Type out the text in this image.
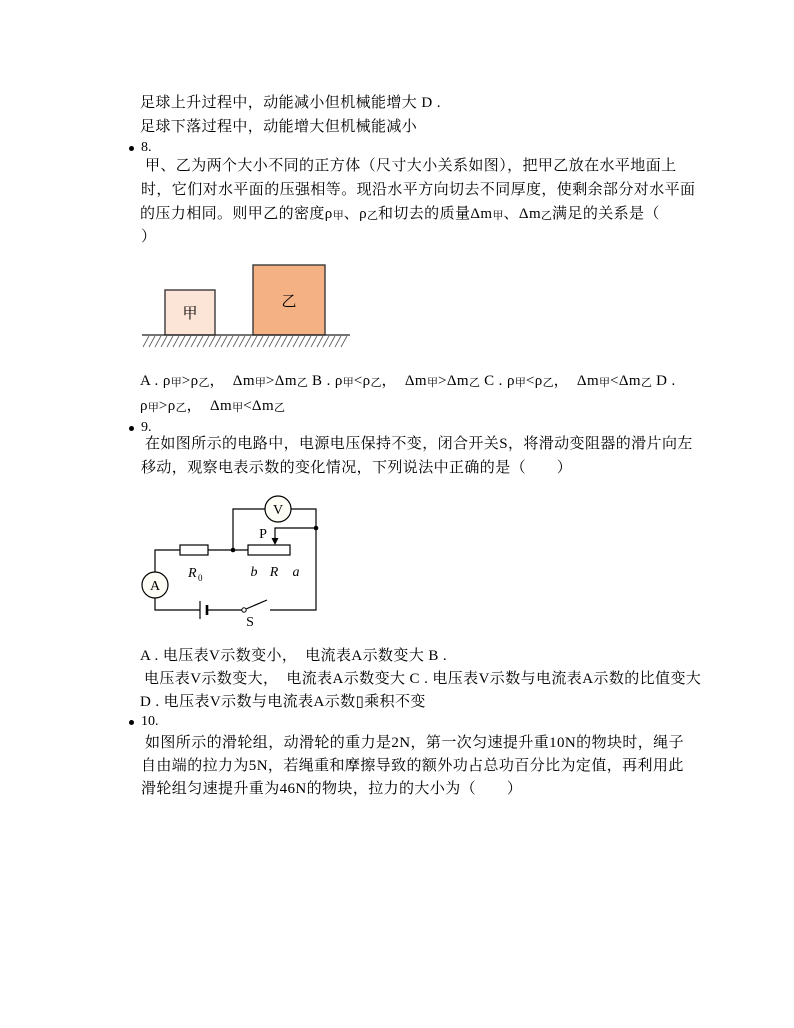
足球上升过程中，动能减小但机械能增大 D .
足球下落过程中，动能增大但机械能减小
8.
甲、乙为两个大小不同的正方体（尺寸大小关系如图），把甲乙放在水平地面上
时，它们对水平面的压强相等。现沿水平方向切去不同厚度，使剩余部分对水平面
的压力相同。则甲乙的密度ρ甲、ρ乙和切去的质量Δm甲、Δm乙满足的关系是（
）
甲
乙
A . ρ甲>ρ乙，　Δm甲>Δm乙 B . ρ甲<ρ乙，　Δm甲>Δm乙 C . ρ甲<ρ乙，　Δm甲<Δm乙 D .
ρ甲>ρ乙，　Δm甲<Δm乙
9.
在如图所示的电路中，电源电压保持不变，闭合开关S，将滑动变阻器的滑片向左
移动，观察电表示数的变化情况，下列说法中正确的是（　　）
V
A
P
R 0	b R a
S
A . 电压表V示数变小，　电流表A示数变大 B .
电压表V示数变大，　电流表A示数变大 C . 电压表V示数与电流表A示数的比值变大
D . 电压表V示数与电流表A示数▯乘积不变
10.
如图所示的滑轮组，动滑轮的重力是2N，第一次匀速提升重10N的物块时，绳子
自由端的拉力为5N，若绳重和摩擦导致的额外功占总功百分比为定值，再利用此
滑轮组匀速提升重为46N的物块，拉力的大小为（　　）
